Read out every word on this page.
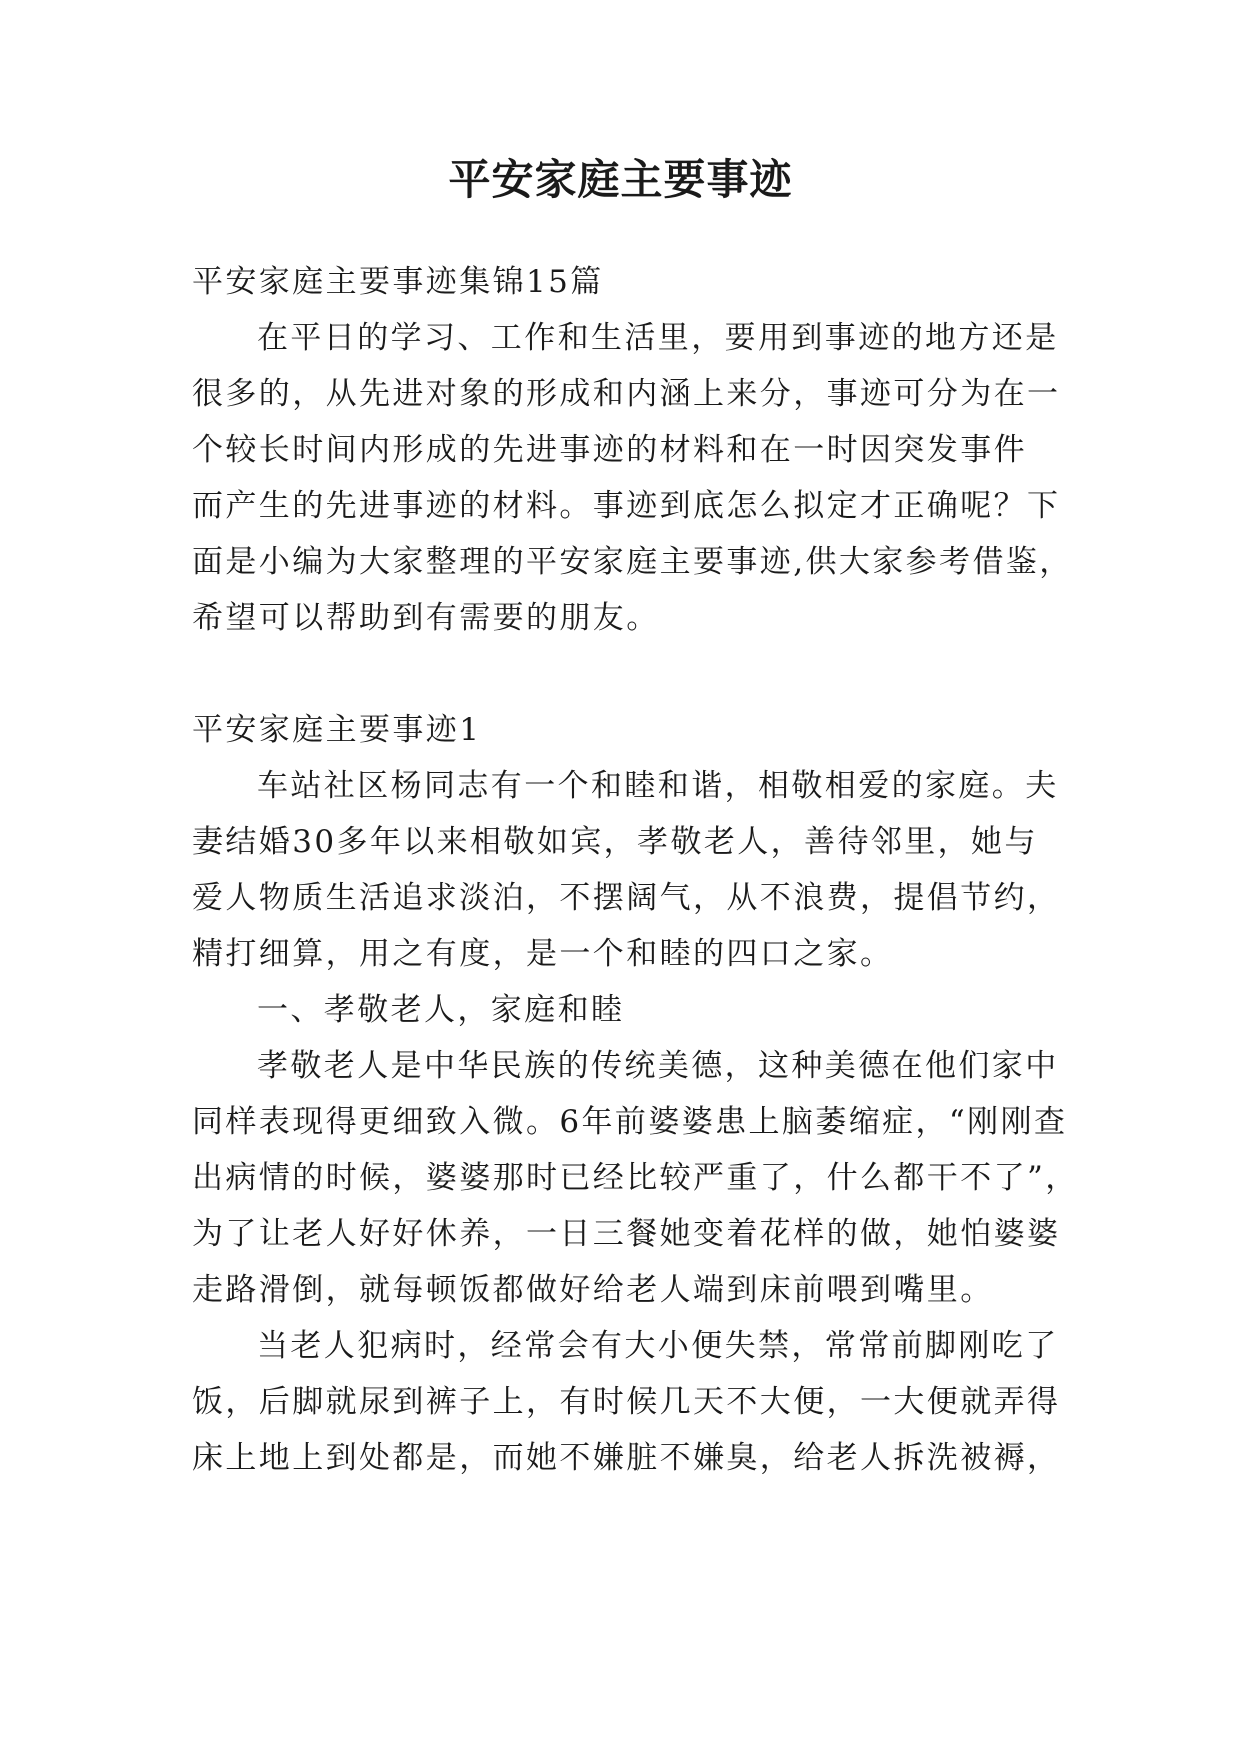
平安家庭主要事迹
平安家庭主要事迹集锦15篇
在平日的学习、工作和生活里，要用到事迹的地方还是
很多的，从先进对象的形成和内涵上来分，事迹可分为在一
个较长时间内形成的先进事迹的材料和在一时因突发事件
而产生的先进事迹的材料。事迹到底怎么拟定才正确呢？下
面是小编为大家整理的平安家庭主要事迹,供大家参考借鉴，
希望可以帮助到有需要的朋友。
平安家庭主要事迹1
车站社区杨同志有一个和睦和谐，相敬相爱的家庭。夫
妻结婚30多年以来相敬如宾，孝敬老人，善待邻里，她与
爱人物质生活追求淡泊，不摆阔气，从不浪费，提倡节约，
精打细算，用之有度，是一个和睦的四口之家。
一、孝敬老人，家庭和睦
孝敬老人是中华民族的传统美德，这种美德在他们家中
同样表现得更细致入微。6年前婆婆患上脑萎缩症，“刚刚查
出病情的时候，婆婆那时已经比较严重了，什么都干不了”，
为了让老人好好休养，一日三餐她变着花样的做，她怕婆婆
走路滑倒，就每顿饭都做好给老人端到床前喂到嘴里。
当老人犯病时，经常会有大小便失禁，常常前脚刚吃了
饭，后脚就尿到裤子上，有时候几天不大便，一大便就弄得
床上地上到处都是，而她不嫌脏不嫌臭，给老人拆洗被褥，
